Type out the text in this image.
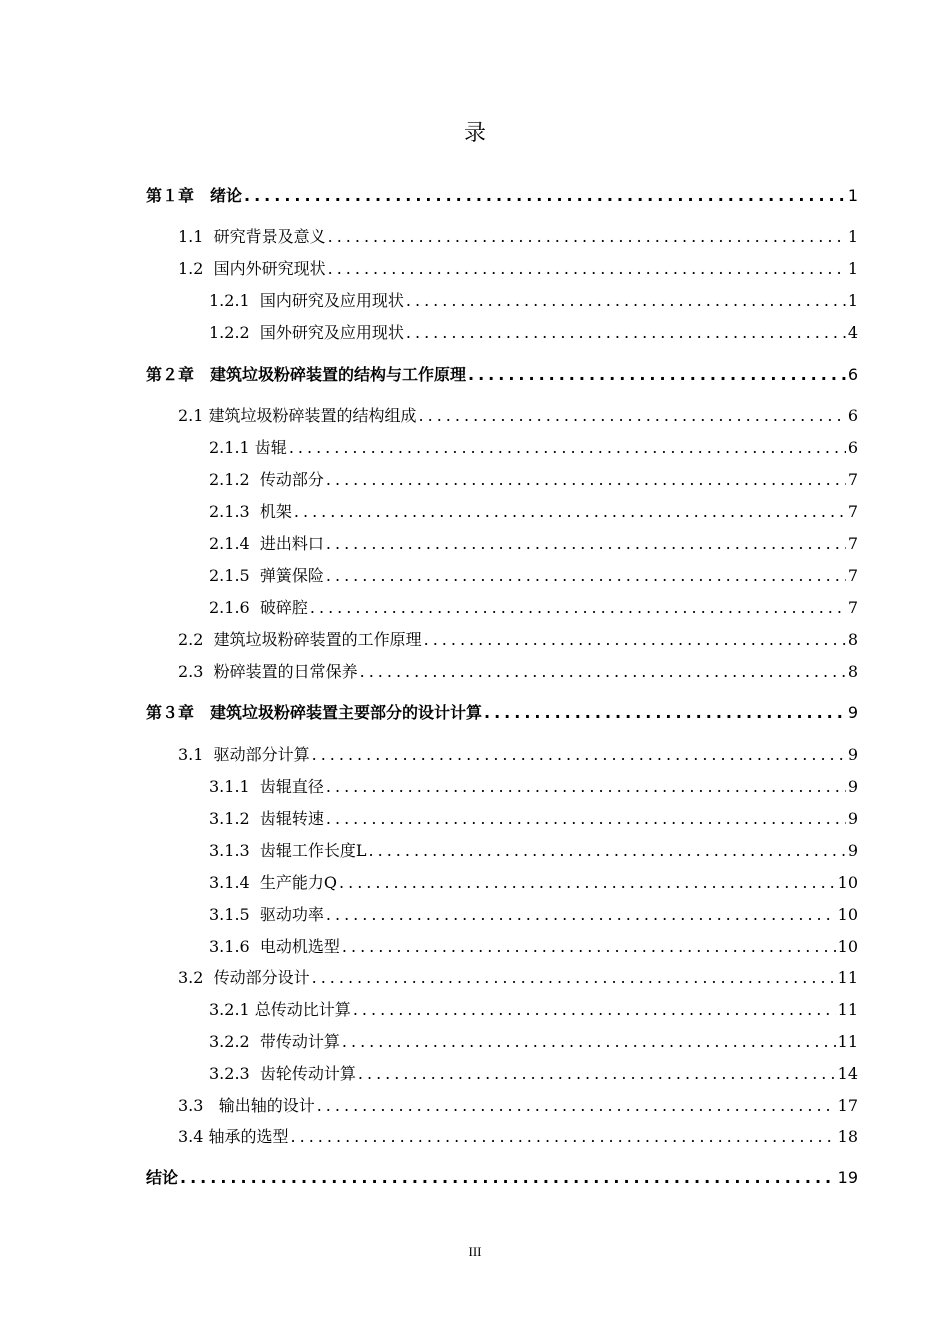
录
第１章　绪论 .....	1
1.1  研究背景及意义 .....	1
1.2  国内外研究现状 .....	1
1.2.1  国内研究及应用现状 .....	1
1.2.2  国外研究及应用现状 .....	4
第２章　建筑垃圾粉碎装置的结构与工作原理 .....	6
2.1 建筑垃圾粉碎装置的结构组成 .....	6
2.1.1 齿辊 .....	6
2.1.2  传动部分 .....	7
2.1.3  机架 .....	7
2.1.4  进出料口 .....	7
2.1.5  弹簧保险 .....	7
2.1.6  破碎腔 .....	7
2.2  建筑垃圾粉碎装置的工作原理 .....	8
2.3  粉碎装置的日常保养 .....	8
第３章　建筑垃圾粉碎装置主要部分的设计计算 .....	9
3.1  驱动部分计算 .....	9
3.1.1  齿辊直径 .....	9
3.1.2  齿辊转速 .....	9
3.1.3  齿辊工作长度L .....	9
3.1.4  生产能力Q .....	10
3.1.5  驱动功率 .....	10
3.1.6  电动机选型 .....	10
3.2  传动部分设计 .....	11
3.2.1 总传动比计算 .....	11
3.2.2  带传动计算 .....	11
3.2.3  齿轮传动计算 .....	14
3.3   输出轴的设计 .....	17
3.4 轴承的选型 .....	18
结论 .....	19
III
